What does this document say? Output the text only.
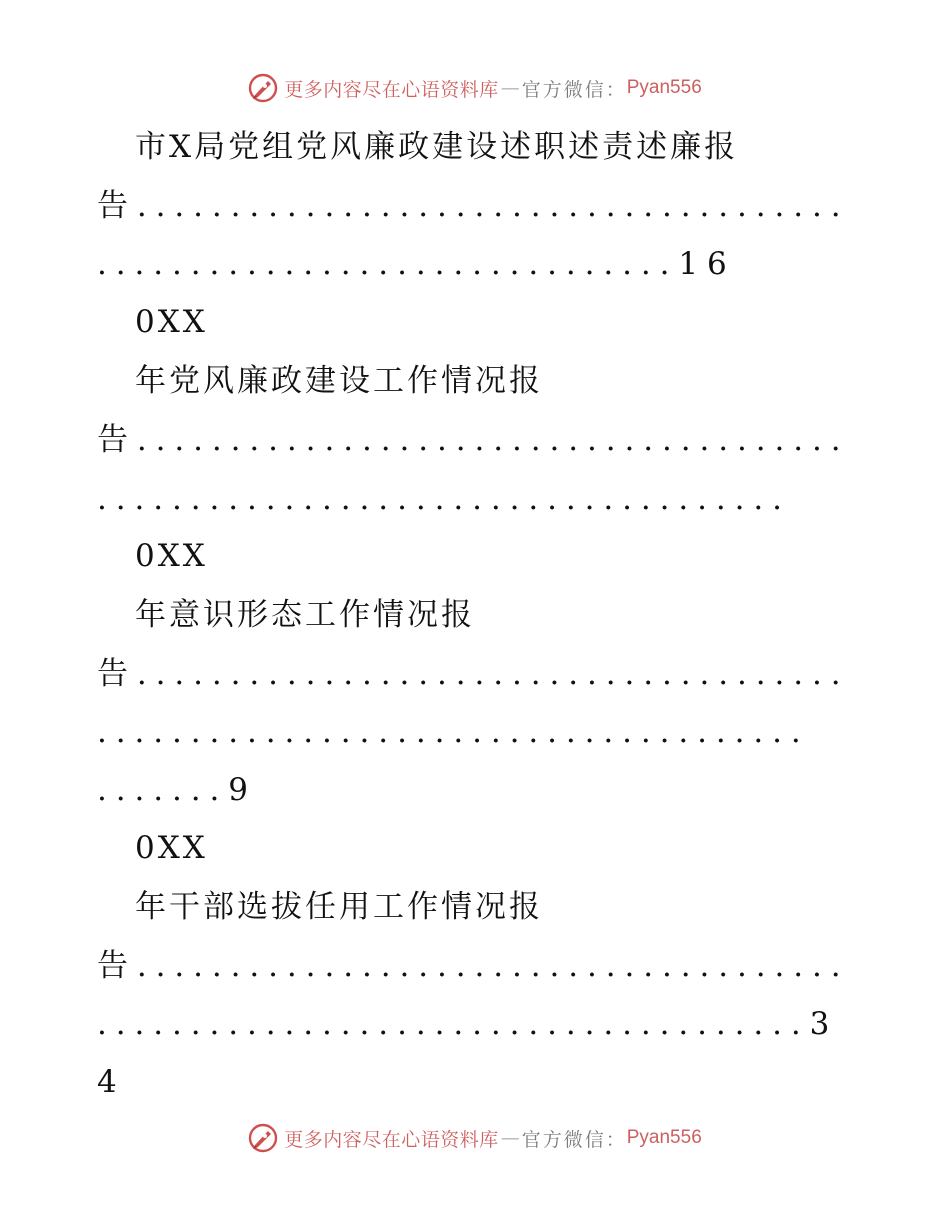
更多内容尽在心语资料库 — 官方微信： Pyan556
市X局党组党风廉政建设述职述责述廉报
告......................................
...............................16
0XX
年党风廉政建设工作情况报
告......................................
.....................................
0XX
年意识形态工作情况报
告......................................
......................................
.......9
0XX
年干部选拔任用工作情况报
告......................................
......................................3
4
更多内容尽在心语资料库 — 官方微信： Pyan556
